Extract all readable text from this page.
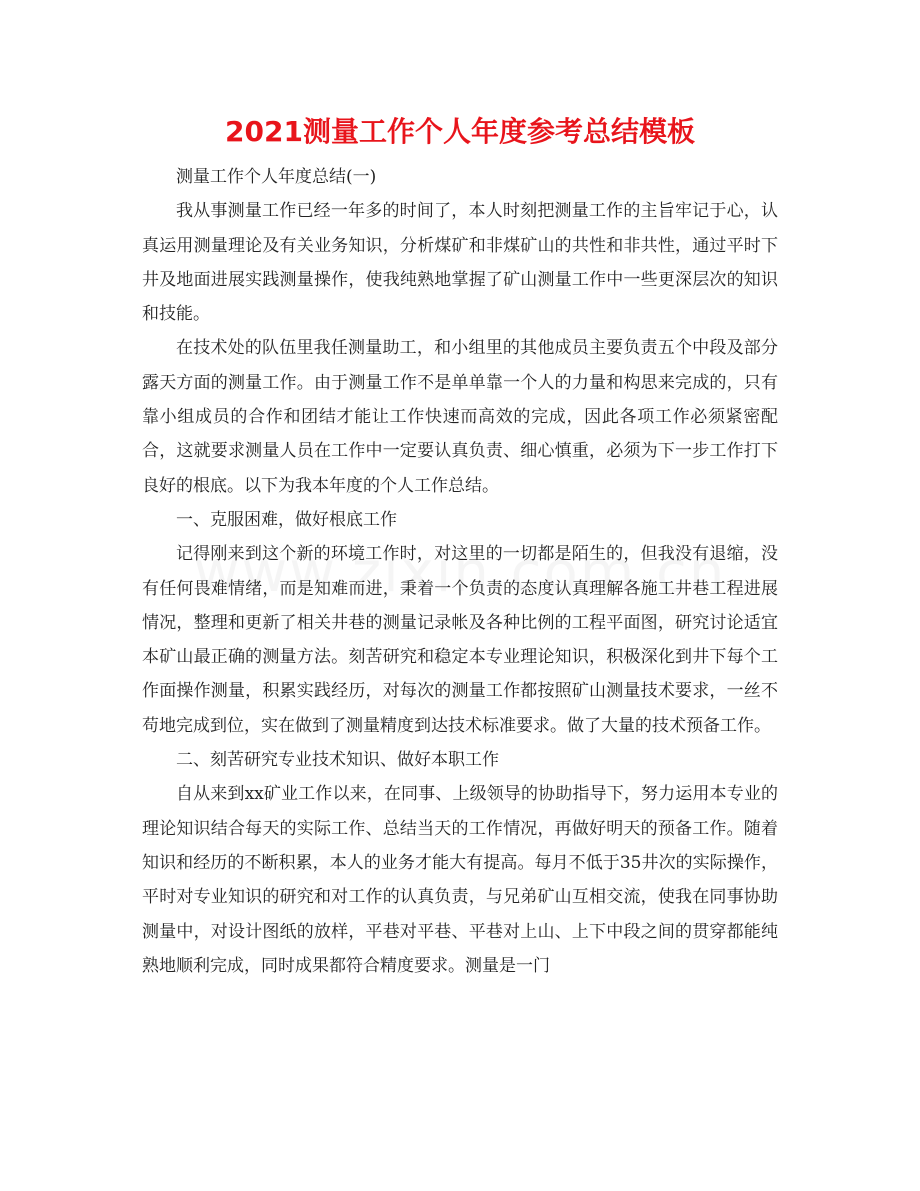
2021测量工作个人年度参考总结模板

测量工作个人年度总结(一)

我从事测量工作已经一年多的时间了，本人时刻把测量工作的主旨牢记于心，认真运用测量理论及有关业务知识，分析煤矿和非煤矿山的共性和非共性，通过平时下井及地面进展实践测量操作，使我纯熟地掌握了矿山测量工作中一些更深层次的知识和技能。

在技术处的队伍里我任测量助工，和小组里的其他成员主要负责五个中段及部分露天方面的测量工作。由于测量工作不是单单靠一个人的力量和构思来完成的，只有靠小组成员的合作和团结才能让工作快速而高效的完成，因此各项工作必须紧密配合，这就要求测量人员在工作中一定要认真负责、细心慎重，必须为下一步工作打下良好的根底。以下为我本年度的个人工作总结。

一、克服困难，做好根底工作

记得刚来到这个新的环境工作时，对这里的一切都是陌生的，但我没有退缩，没有任何畏难情绪，而是知难而进，秉着一个负责的态度认真理解各施工井巷工程进展情况，整理和更新了相关井巷的测量记录帐及各种比例的工程平面图，研究讨论适宜本矿山最正确的测量方法。刻苦研究和稳定本专业理论知识，积极深化到井下每个工作面操作测量，积累实践经历，对每次的测量工作都按照矿山测量技术要求，一丝不苟地完成到位，实在做到了测量精度到达技术标准要求。做了大量的技术预备工作。

二、刻苦研究专业技术知识、做好本职工作

自从来到xx矿业工作以来，在同事、上级领导的协助指导下，努力运用本专业的理论知识结合每天的实际工作、总结当天的工作情况，再做好明天的预备工作。随着知识和经历的不断积累，本人的业务才能大有提高。每月不低于35井次的实际操作，平时对专业知识的研究和对工作的认真负责，与兄弟矿山互相交流，使我在同事协助测量中，对设计图纸的放样，平巷对平巷、平巷对上山、上下中段之间的贯穿都能纯熟地顺利完成，同时成果都符合精度要求。测量是一门
